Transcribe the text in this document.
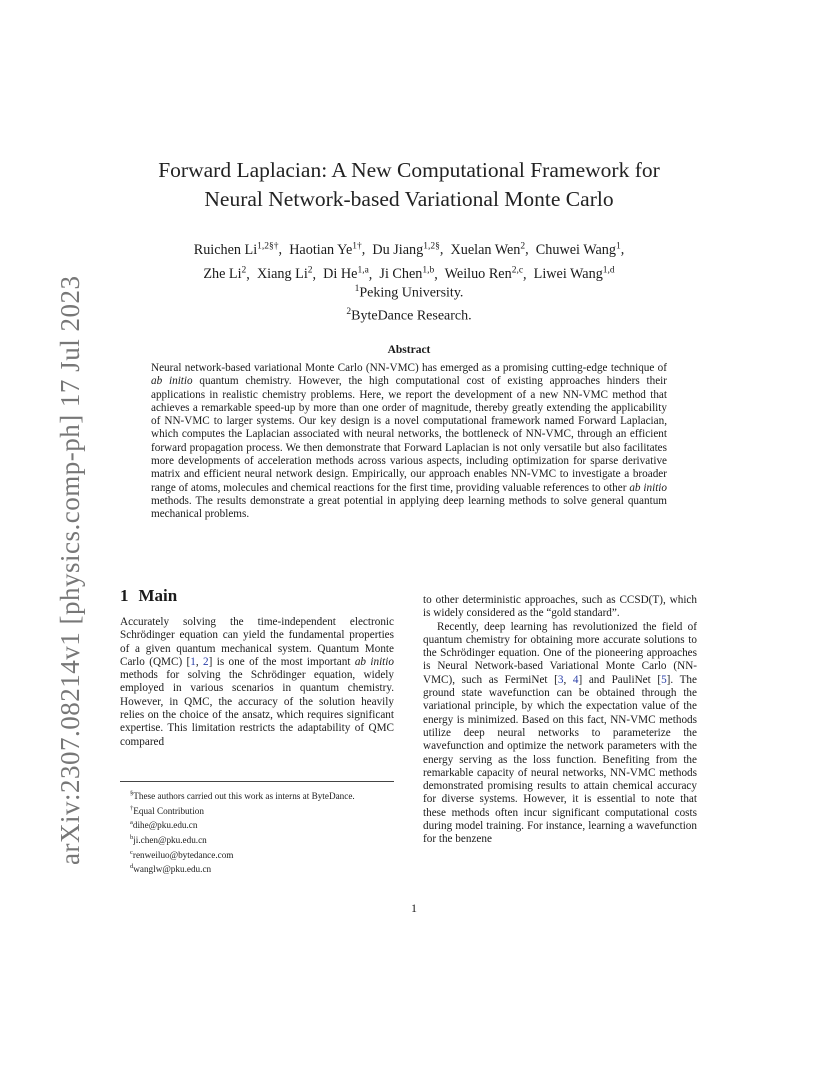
arXiv:2307.08214v1 [physics.comp-ph] 17 Jul 2023
Forward Laplacian: A New Computational Framework for
Neural Network-based Variational Monte Carlo
Ruichen $Li^{1,2\S\dagger}$,  Haotian $Ye^{1\dagger}$,  Du Jiang$^{1,2\S}$,  Xuelan Wen$^2$,  Chuwei Wang$^1$,
Zhe Li$^2$,  Xiang Li$^2$,  Di He$^{1,a}$,  Ji Chen$^{1,b}$,  Weiluo Ren$^{2,c}$,  Liwei Wang$^{1,d}$
$^1$Peking University.
$^2$ByteDance Research.
Abstract
Neural network-based variational Monte Carlo (NN-VMC) has emerged as a promising cutting-edge technique of ab initio quantum chemistry. However, the high computational cost of existing approaches hinders their applications in realistic chemistry problems. Here, we report the development of a new NN-VMC method that achieves a remarkable speed-up by more than one order of magnitude, thereby greatly extending the applicability of NN-VMC to larger systems. Our key design is a novel computational framework named Forward Laplacian, which computes the Laplacian associated with neural networks, the bottleneck of NN-VMC, through an efficient forward propagation process. We then demonstrate that Forward Laplacian is not only versatile but also facilitates more developments of acceleration methods across various aspects, including optimization for sparse derivative matrix and efficient neural network design. Empirically, our approach enables NN-VMC to investigate a broader range of atoms, molecules and chemical reactions for the first time, providing valuable references to other ab initio methods. The results demonstrate a great potential in applying deep learning methods to solve general quantum mechanical problems.
1 Main

Accurately solving the time-independent electronic Schrödinger equation can yield the fundamental properties of a given quantum mechanical system. Quantum Monte Carlo (QMC) [1, 2] is one of the most important ab initio methods for solving the Schrödinger equation, widely employed in various scenarios in quantum chemistry. However, in QMC, the accuracy of the solution heavily relies on the choice of the ansatz, which requires significant expertise. This limitation restricts the adaptability of QMC compared

to other deterministic approaches, such as CCSD(T), which is widely considered as the “gold standard”.

Recently, deep learning has revolutionized the field of quantum chemistry for obtaining more accurate solutions to the Schrödinger equation. One of the pioneering approaches is Neural Network-based Variational Monte Carlo (NN-VMC), such as FermiNet [3, 4] and PauliNet [5]. The ground state wavefunction can be obtained through the variational principle, by which the expectation value of the energy is minimized. Based on this fact, NN-VMC methods utilize deep neural networks to parameterize the wavefunction and optimize the network parameters with the energy serving as the loss function. Benefiting from the remarkable capacity of neural networks, NN-VMC methods demonstrated promising results to attain chemical accuracy for diverse systems. However, it is essential to note that these methods often incur significant computational costs during model training. For instance, learning a wavefunction for the benzene

§These authors carried out this work as interns at ByteDance.
†Equal Contribution
$^a$dihe@pku.edu.cn
$^b$ji.chen@pku.edu.cn
$^c$renweiluo@bytedance.com
$^d$wanglw@pku.edu.cn
1
